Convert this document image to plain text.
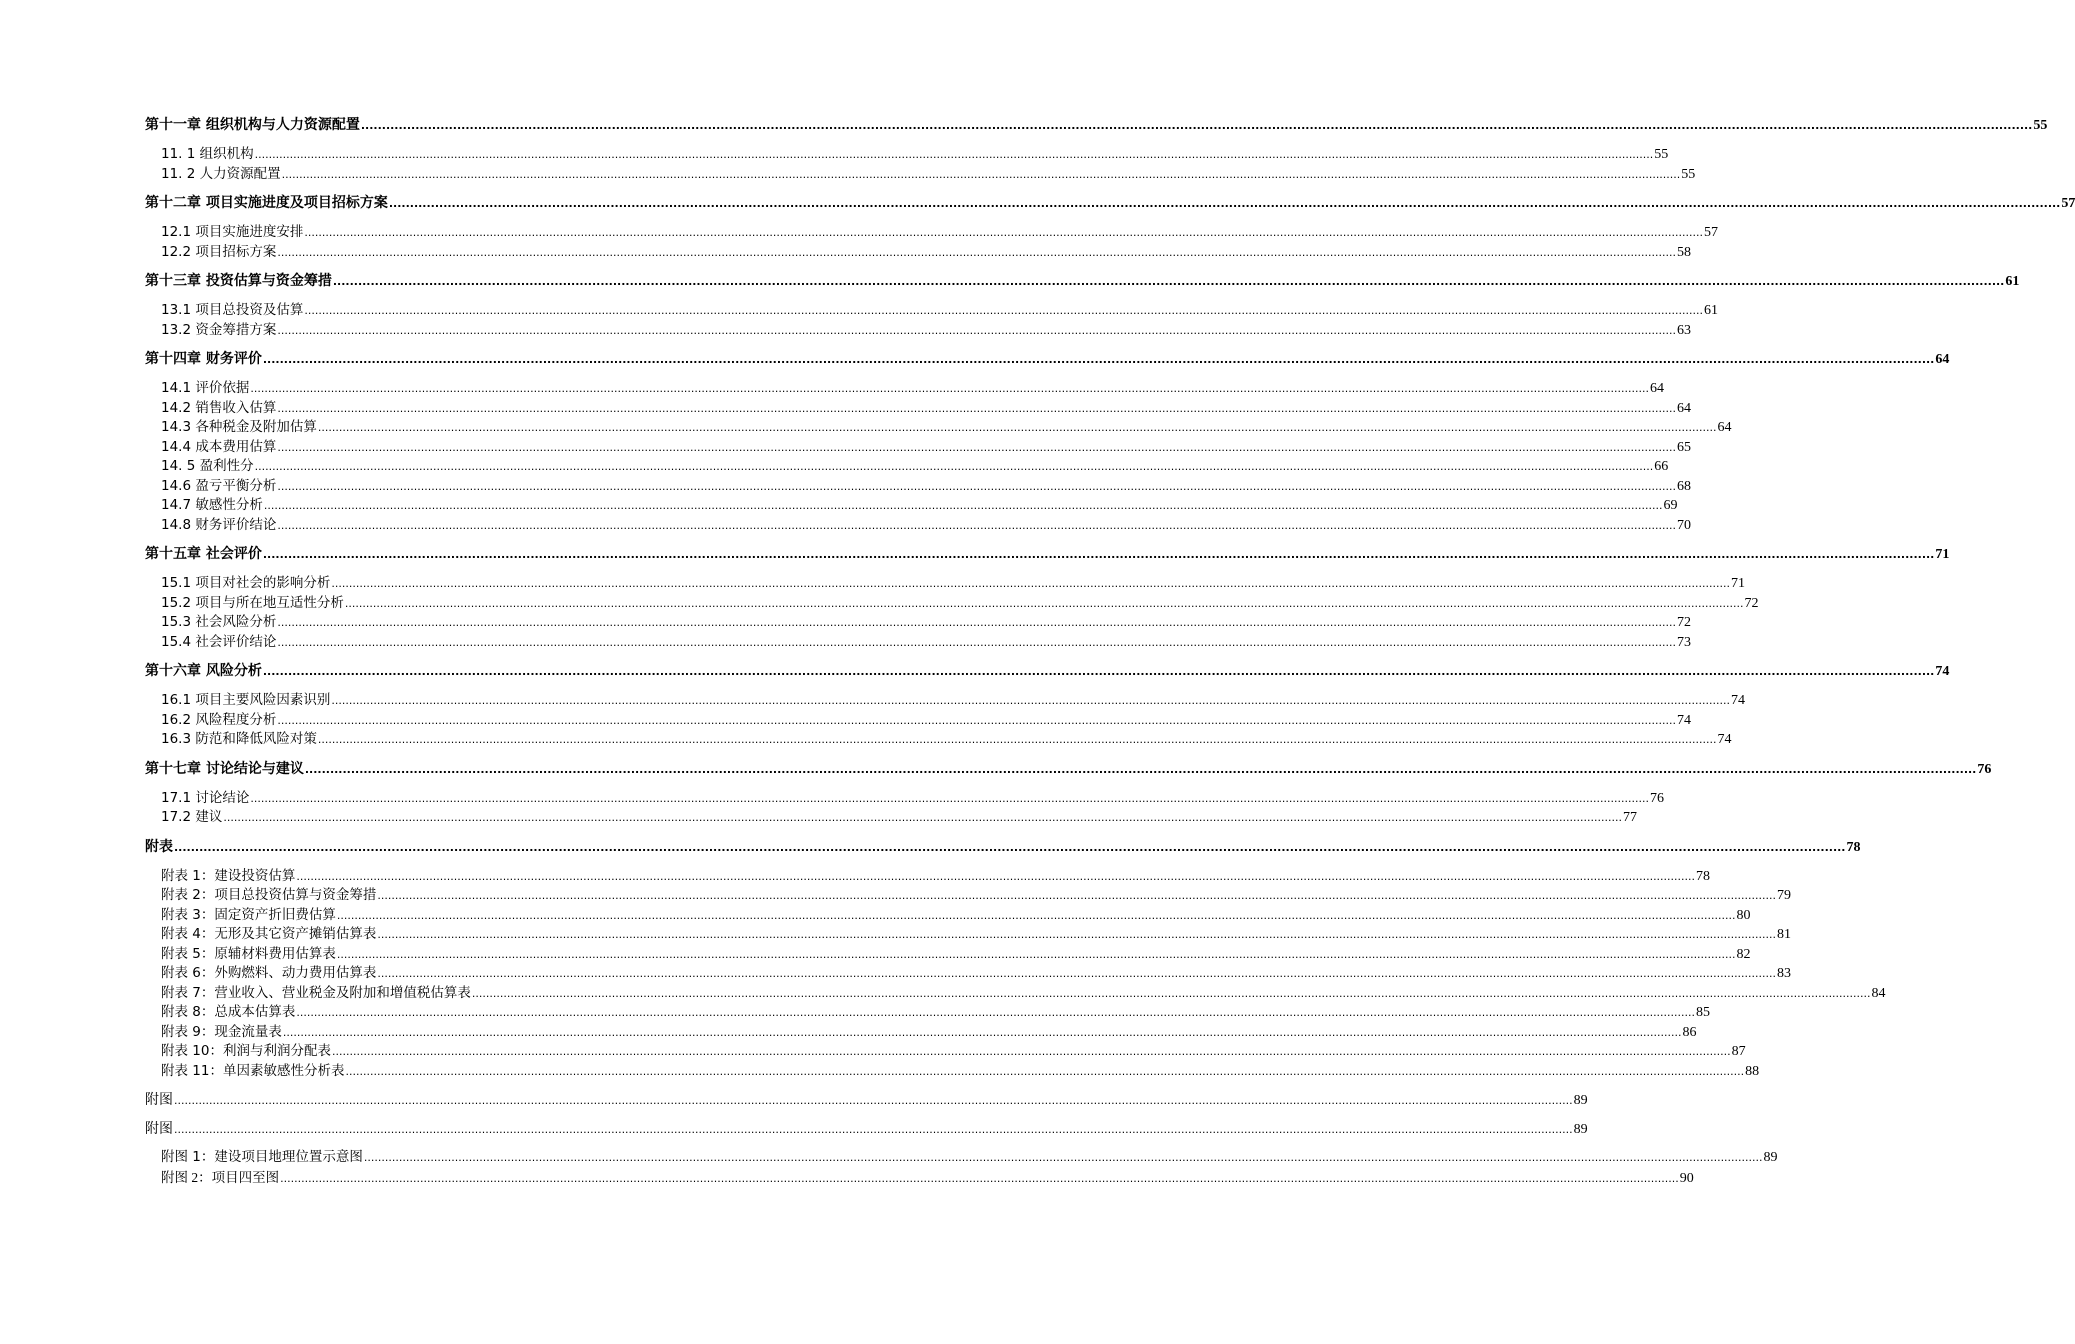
第十一章 组织机构与人力资源配置 ................................................................................................................................................................................................................................................................................................................................................................................................................ 55
11. 1 组织机构 ................................................................................................................................................................................................................................................................................................................................................................................................................ 55
11. 2 人力资源配置 ................................................................................................................................................................................................................................................................................................................................................................................................................ 55
第十二章 项目实施进度及项目招标方案 ................................................................................................................................................................................................................................................................................................................................................................................................................ 57
12.1 项目实施进度安排 ................................................................................................................................................................................................................................................................................................................................................................................................................ 57
12.2 项目招标方案 ................................................................................................................................................................................................................................................................................................................................................................................................................ 58
第十三章 投资估算与资金筹措 ................................................................................................................................................................................................................................................................................................................................................................................................................ 61
13.1 项目总投资及估算 ................................................................................................................................................................................................................................................................................................................................................................................................................ 61
13.2 资金筹措方案 ................................................................................................................................................................................................................................................................................................................................................................................................................ 63
第十四章 财务评价 ................................................................................................................................................................................................................................................................................................................................................................................................................ 64
14.1 评价依据 ................................................................................................................................................................................................................................................................................................................................................................................................................ 64
14.2 销售收入估算 ................................................................................................................................................................................................................................................................................................................................................................................................................ 64
14.3 各种税金及附加估算 ................................................................................................................................................................................................................................................................................................................................................................................................................ 64
14.4 成本费用估算 ................................................................................................................................................................................................................................................................................................................................................................................................................ 65
14. 5 盈利性分 ................................................................................................................................................................................................................................................................................................................................................................................................................ 66
14.6 盈亏平衡分析 ................................................................................................................................................................................................................................................................................................................................................................................................................ 68
14.7 敏感性分析 ................................................................................................................................................................................................................................................................................................................................................................................................................ 69
14.8 财务评价结论 ................................................................................................................................................................................................................................................................................................................................................................................................................ 70
第十五章 社会评价 ................................................................................................................................................................................................................................................................................................................................................................................................................ 71
15.1 项目对社会的影响分析 ................................................................................................................................................................................................................................................................................................................................................................................................................ 71
15.2 项目与所在地互适性分析 ................................................................................................................................................................................................................................................................................................................................................................................................................ 72
15.3 社会风险分析 ................................................................................................................................................................................................................................................................................................................................................................................................................ 72
15.4 社会评价结论 ................................................................................................................................................................................................................................................................................................................................................................................................................ 73
第十六章 风险分析 ................................................................................................................................................................................................................................................................................................................................................................................................................ 74
16.1 项目主要风险因素识别 ................................................................................................................................................................................................................................................................................................................................................................................................................ 74
16.2 风险程度分析 ................................................................................................................................................................................................................................................................................................................................................................................................................ 74
16.3 防范和降低风险对策 ................................................................................................................................................................................................................................................................................................................................................................................................................ 74
第十七章 讨论结论与建议 ................................................................................................................................................................................................................................................................................................................................................................................................................ 76
17.1 讨论结论 ................................................................................................................................................................................................................................................................................................................................................................................................................ 76
17.2 建议 ................................................................................................................................................................................................................................................................................................................................................................................................................ 77
附表 ................................................................................................................................................................................................................................................................................................................................................................................................................ 78
附表 1：建设投资估算 ................................................................................................................................................................................................................................................................................................................................................................................................................ 78
附表 2：项目总投资估算与资金筹措 ................................................................................................................................................................................................................................................................................................................................................................................................................ 79
附表 3：固定资产折旧费估算 ................................................................................................................................................................................................................................................................................................................................................................................................................ 80
附表 4：无形及其它资产摊销估算表 ................................................................................................................................................................................................................................................................................................................................................................................................................ 81
附表 5：原辅材料费用估算表 ................................................................................................................................................................................................................................................................................................................................................................................................................ 82
附表 6：外购燃料、动力费用估算表 ................................................................................................................................................................................................................................................................................................................................................................................................................ 83
附表 7：营业收入、营业税金及附加和增值税估算表 ................................................................................................................................................................................................................................................................................................................................................................................................................ 84
附表 8：总成本估算表 ................................................................................................................................................................................................................................................................................................................................................................................................................ 85
附表 9：现金流量表 ................................................................................................................................................................................................................................................................................................................................................................................................................ 86
附表 10：利润与利润分配表 ................................................................................................................................................................................................................................................................................................................................................................................................................ 87
附表 11：单因素敏感性分析表 ................................................................................................................................................................................................................................................................................................................................................................................................................ 88
附图 ................................................................................................................................................................................................................................................................................................................................................................................................................ 89
附图 ................................................................................................................................................................................................................................................................................................................................................................................................................ 89
附图 1：建设项目地理位置示意图 ................................................................................................................................................................................................................................................................................................................................................................................................................ 89
附图 2：项目四至图 ................................................................................................................................................................................................................................................................................................................................................................................................................ 90
